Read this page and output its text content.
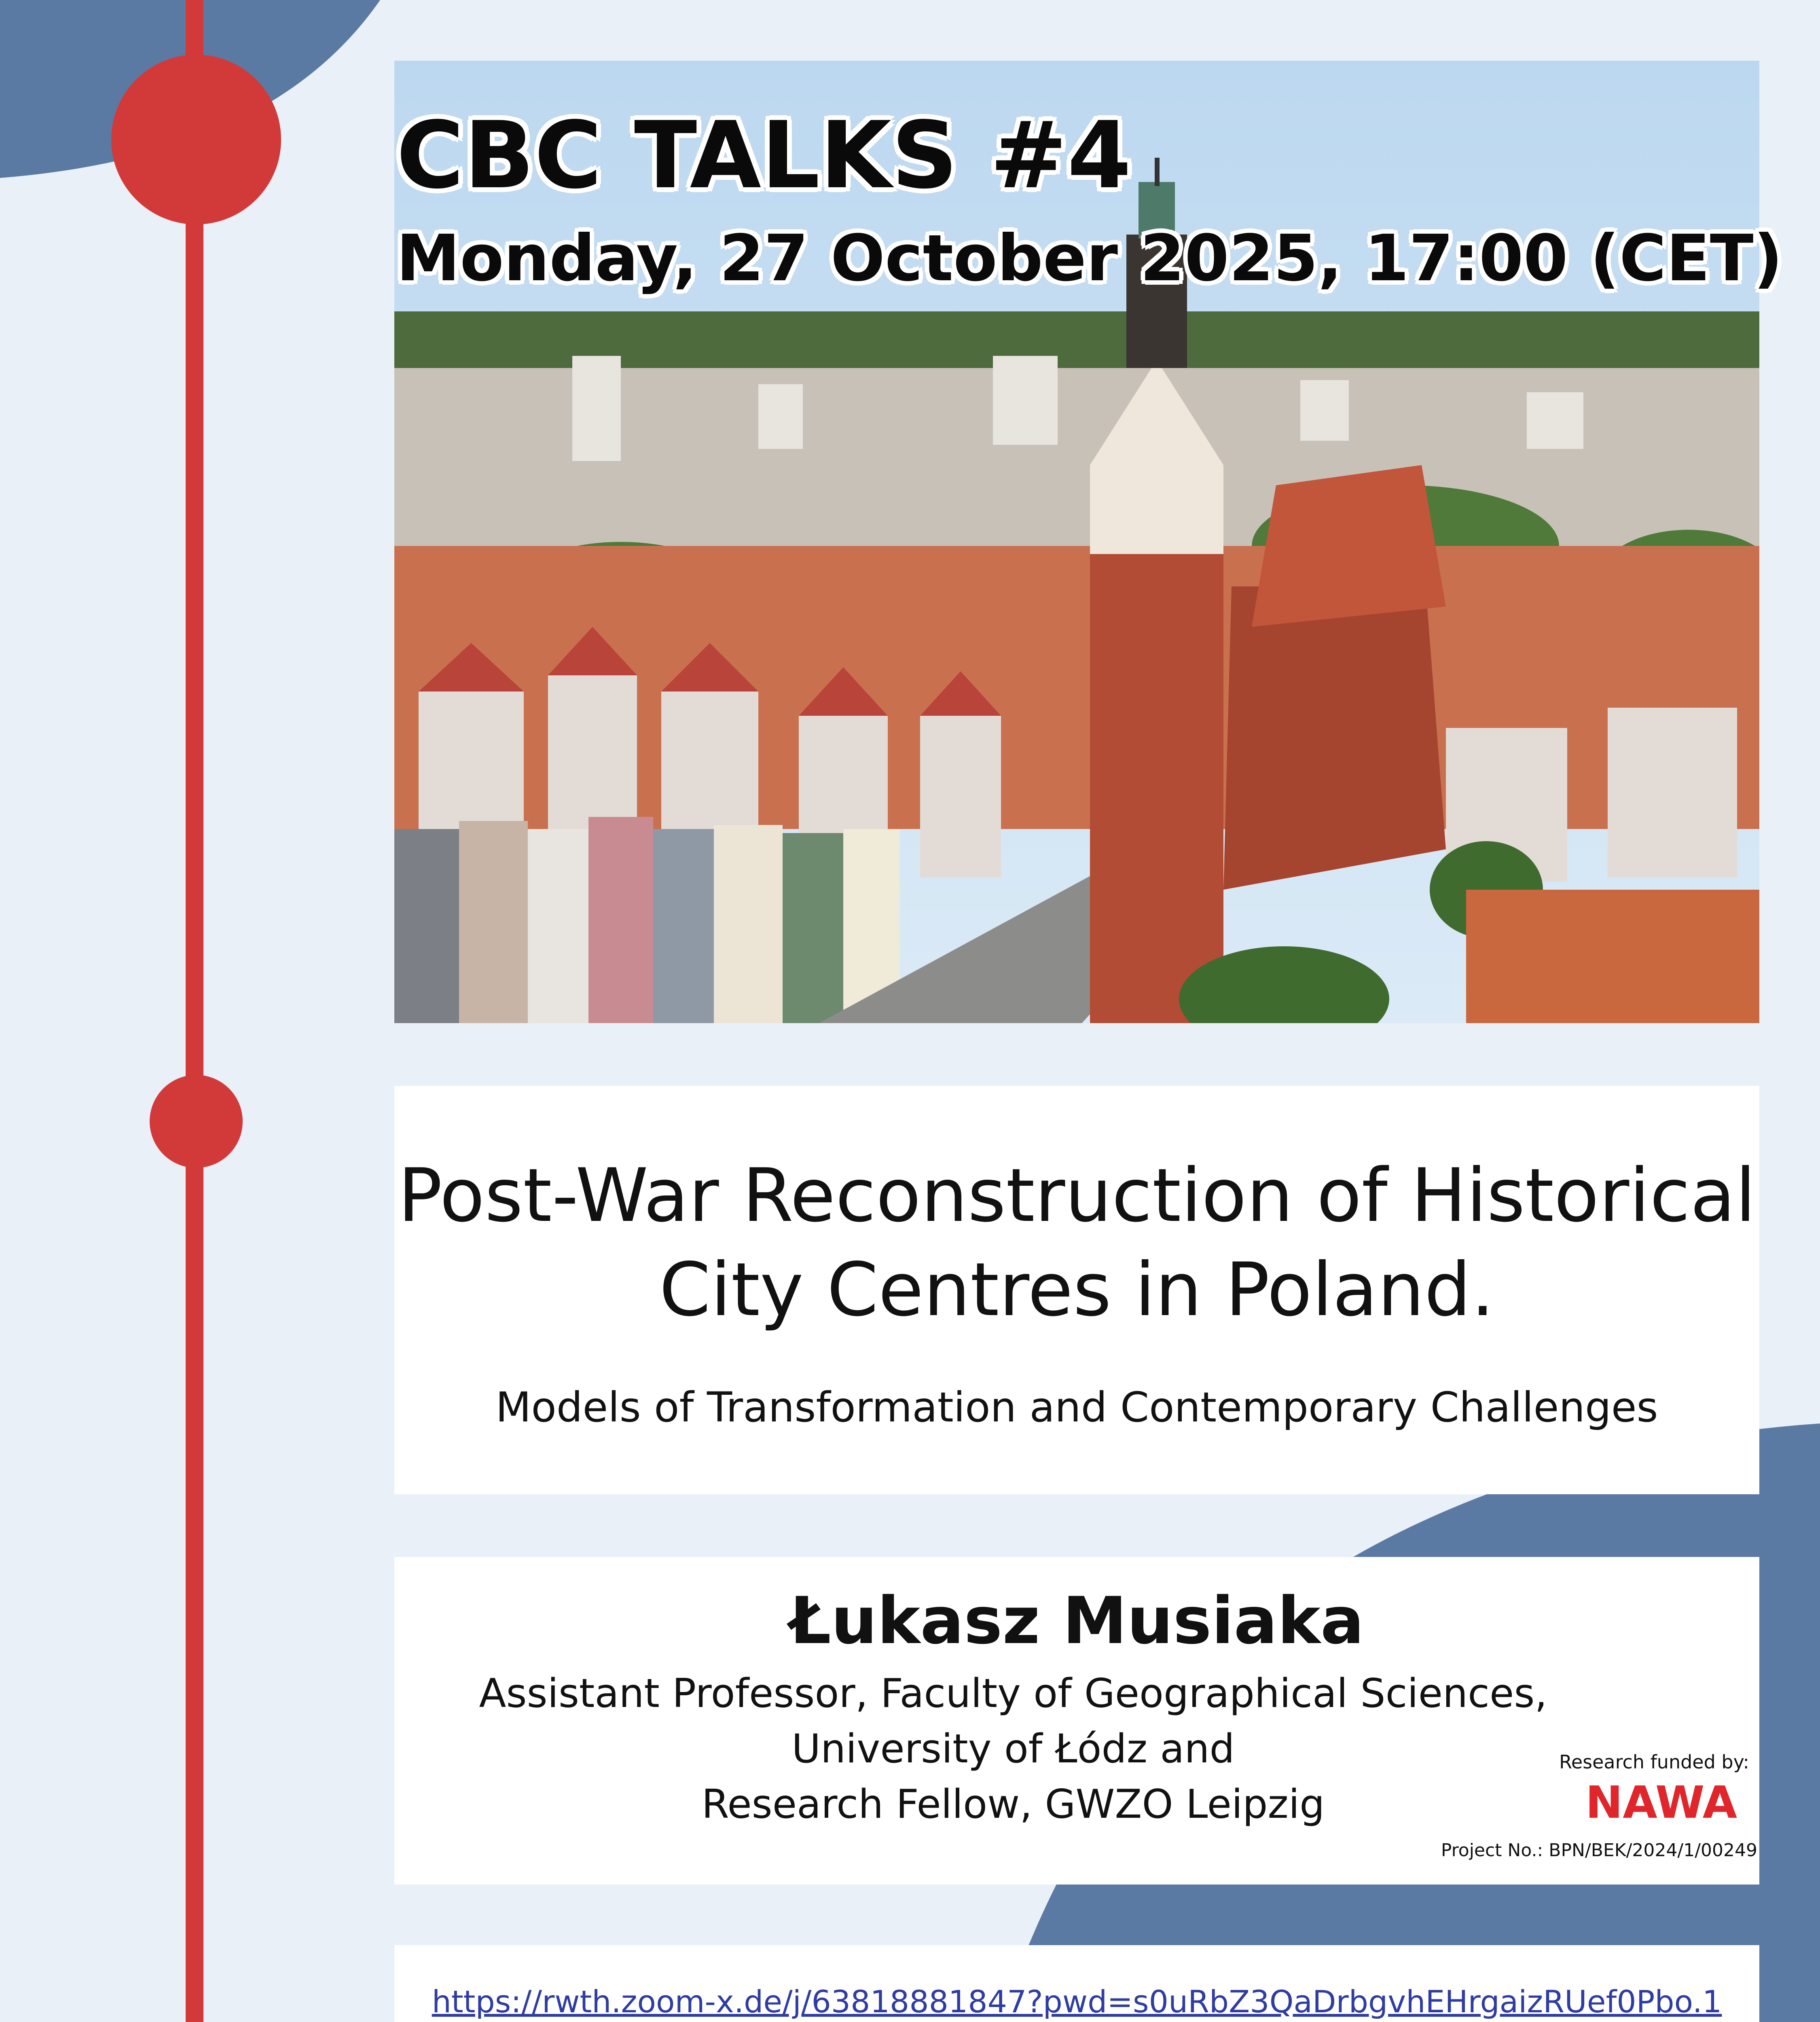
CBC TALKS #4
Monday, 27 October 2025, 17:00 (CET)
Post-War Reconstruction of Historical
City Centres in Poland.
Models of Transformation and Contemporary Challenges
Łukasz Musiaka
Assistant Professor, Faculty of Geographical Sciences,
University of Łódz and
Research Fellow, GWZO Leipzig
Research funded by:
NAWA
Project No.: BPN/BEK/2024/1/00249
https://rwth.zoom-x.de/j/63818881847?pwd=s0uRbZ3QaDrbgvhEHrgaizRUef0Pbo.1
